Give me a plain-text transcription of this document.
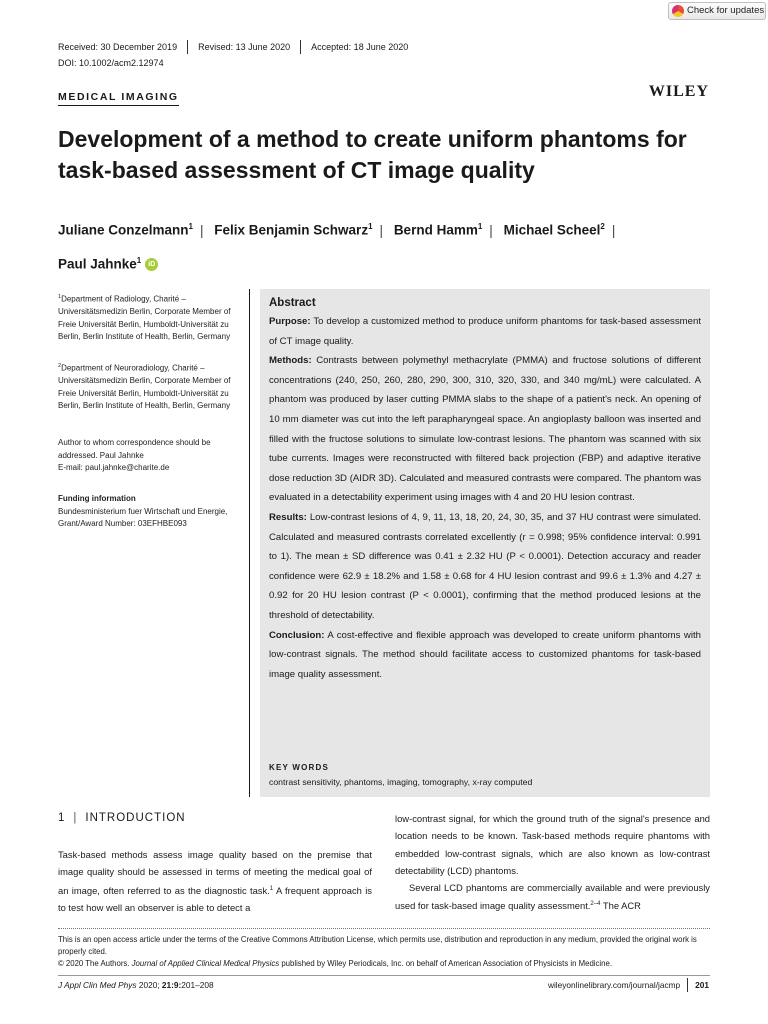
Check for updates
Received: 30 December 2019	Revised: 13 June 2020	Accepted: 18 June 2020
DOI: 10.1002/acm2.12974
MEDICAL IMAGING	WILEY
Development of a method to create uniform phantoms for task-based assessment of CT image quality
Juliane Conzelmann$^1$ | Felix Benjamin Schwarz$^1$ | Bernd Hamm$^1$ | Michael Scheel$^2$ |
Paul Jahnke$^1$ iD
$^1$Department of Radiology, Charité – Universitätsmedizin Berlin, Corporate Member of Freie Universität Berlin, Humboldt-Universität zu Berlin, Berlin Institute of Health, Berlin, Germany
$^2$Department of Neuroradiology, Charité – Universitätsmedizin Berlin, Corporate Member of Freie Universität Berlin, Humboldt-Universität zu Berlin, Berlin Institute of Health, Berlin, Germany
Author to whom correspondence should be addressed. Paul Jahnke
E-mail: paul.jahnke@charite.de
Funding information
Bundesministerium fuer Wirtschaft und Energie, Grant/Award Number: 03EFHBE093
Abstract

Purpose: To develop a customized method to produce uniform phantoms for task-based assessment of CT image quality.

Methods: Contrasts between polymethyl methacrylate (PMMA) and fructose solutions of different concentrations (240, 250, 260, 280, 290, 300, 310, 320, 330, and 340 mg/mL) were calculated. A phantom was produced by laser cutting PMMA slabs to the shape of a patient's neck. An opening of 10 mm diameter was cut into the left parapharyngeal space. An angioplasty balloon was inserted and filled with the fructose solutions to simulate low-contrast lesions. The phantom was scanned with six tube currents. Images were reconstructed with filtered back projection (FBP) and adaptive iterative dose reduction 3D (AIDR 3D). Calculated and measured contrasts were compared. The phantom was evaluated in a detectability experiment using images with 4 and 20 HU lesion contrast.

Results: Low-contrast lesions of 4, 9, 11, 13, 18, 20, 24, 30, 35, and 37 HU contrast were simulated. Calculated and measured contrasts correlated excellently (r = 0.998; 95% confidence interval: 0.991 to 1). The mean ± SD difference was 0.41 ± 2.32 HU (P < 0.0001). Detection accuracy and reader confidence were 62.9 ± 18.2% and 1.58 ± 0.68 for 4 HU lesion contrast and 99.6 ± 1.3% and 4.27 ± 0.92 for 20 HU lesion contrast (P < 0.0001), confirming that the method produced lesions at the threshold of detectability.

Conclusion: A cost-effective and flexible approach was developed to create uniform phantoms with low-contrast signals. The method should facilitate access to customized phantoms for task-based image quality assessment.

KEY WORDS
contrast sensitivity, phantoms, imaging, tomography, x-ray computed
1 | INTRODUCTION
Task-based methods assess image quality based on the premise that image quality should be assessed in terms of meeting the medical goal of an image, often referred to as the diagnostic task.$^1$ A frequent approach is to test how well an observer is able to detect a
low-contrast signal, for which the ground truth of the signal's presence and location needs to be known. Task-based methods require phantoms with embedded low-contrast signals, which are also known as low-contrast detectability (LCD) phantoms.
Several LCD phantoms are commercially available and were previously used for task-based image quality assessment.$^{2-4}$ The ACR
This is an open access article under the terms of the Creative Commons Attribution License, which permits use, distribution and reproduction in any medium, provided the original work is properly cited.
© 2020 The Authors. Journal of Applied Clinical Medical Physics published by Wiley Periodicals, Inc. on behalf of American Association of Physicists in Medicine.
J Appl Clin Med Phys 2020; 21:9:201–208	wileyonlinelibrary.com/journal/jacmp	201
